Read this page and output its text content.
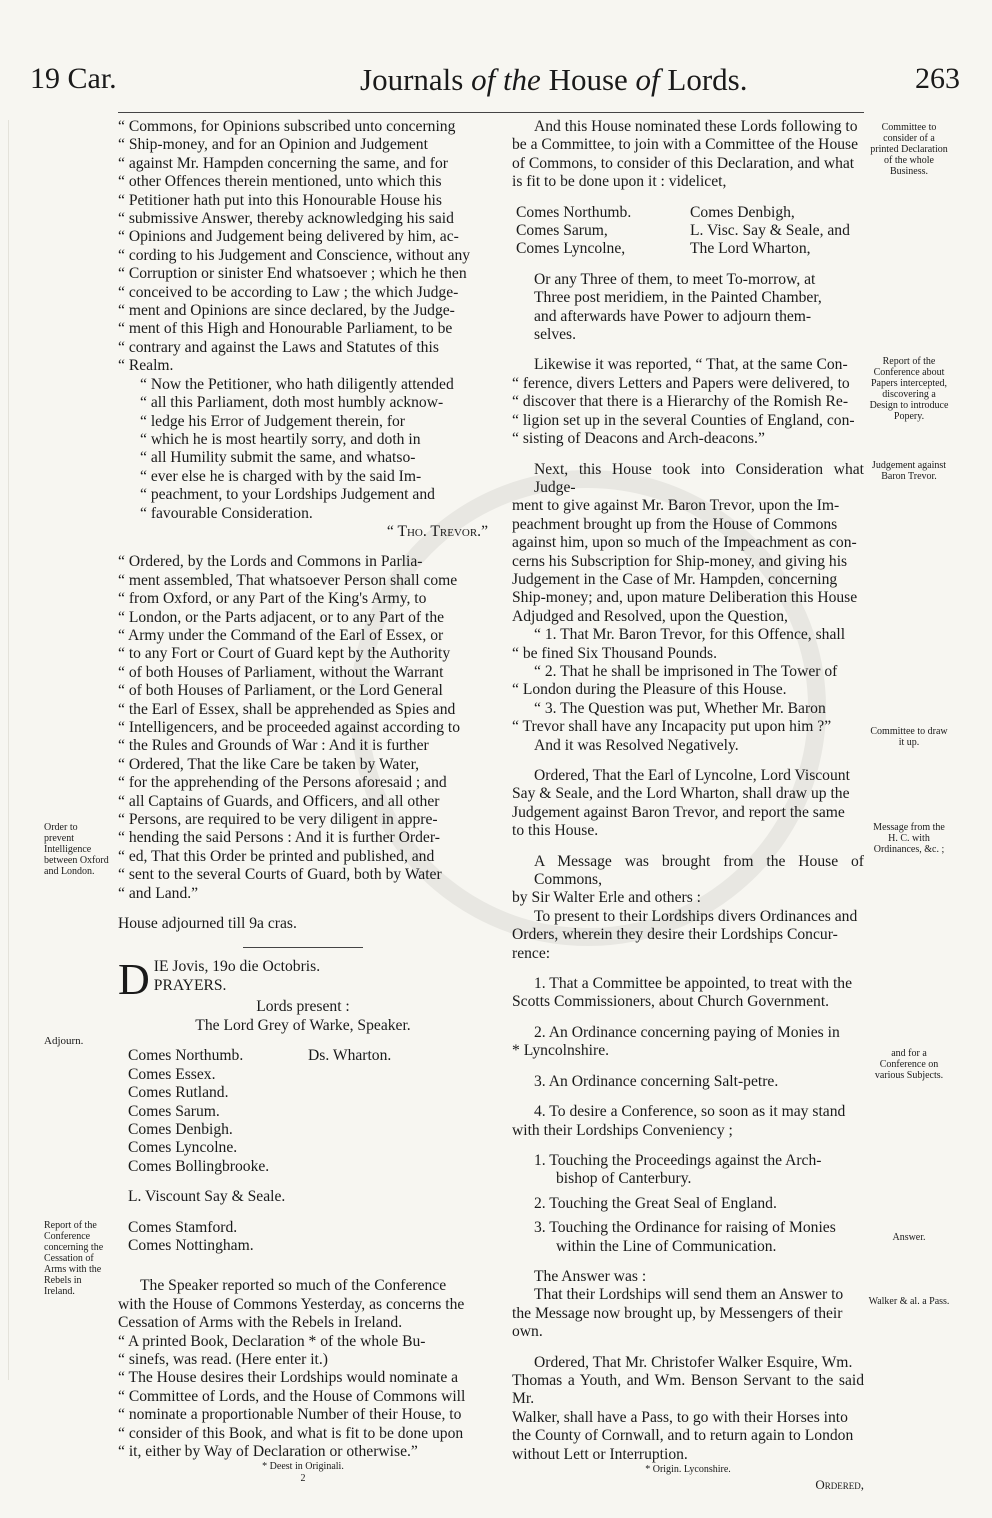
19 Car.	Journals of the House of Lords.	263

“ Commons, for Opinions subscribed unto concerning

“ Ship-money, and for an Opinion and Judgement

“ against Mr. Hampden concerning the same, and for

“ other Offences therein mentioned, unto which this

“ Petitioner hath put into this Honourable House his

“ submissive Answer, thereby acknowledging his said

“ Opinions and Judgement being delivered by him, ac-

“ cording to his Judgement and Conscience, without any

“ Corruption or sinister End whatsoever ; which he then

“ conceived to be according to Law ; the which Judge-

“ ment and Opinions are since declared, by the Judge-

“ ment of this High and Honourable Parliament, to be

“ contrary and against the Laws and Statutes of this

“ Realm.

“ Now the Petitioner, who hath diligently attended

“ all this Parliament, doth most humbly acknow-

“ ledge his Error of Judgement therein, for

“ which he is most heartily sorry, and doth in

“ all Humility submit the same, and whatso-

“ ever else he is charged with by the said Im-

“ peachment, to your Lordships Judgement and

“ favourable Consideration.

“ Tho. Trevor.”

“ Ordered, by the Lords and Commons in Parlia-

“ ment assembled, That whatsoever Person shall come

“ from Oxford, or any Part of the King's Army, to

“ London, or the Parts adjacent, or to any Part of the

“ Army under the Command of the Earl of Essex, or

“ to any Fort or Court of Guard kept by the Authority

“ of both Houses of Parliament, without the Warrant

“ of both Houses of Parliament, or the Lord General

“ the Earl of Essex, shall be apprehended as Spies and

“ Intelligencers, and be proceeded against according to

“ the Rules and Grounds of War : And it is further

“ Ordered, That the like Care be taken by Water,

“ for the apprehending of the Persons aforesaid ; and

“ all Captains of Guards, and Officers, and all other

“ Persons, are required to be very diligent in appre-

“ hending the said Persons : And it is further Order-

“ ed, That this Order be printed and published, and

“ sent to the several Courts of Guard, both by Water

“ and Land.”

House adjourned till 9a cras.

D IE Jovis, 19o die Octobris.

PRAYERS.

Lords present :

The Lord Grey of Warke, Speaker.

Comes Northumb.

Comes Essex.

Comes Rutland.

Comes Sarum.

Comes Denbigh.

Comes Lyncolne.

Comes Bollingbrooke.

Ds. Wharton.

L. Viscount Say & Seale.

Comes Stamford.

Comes Nottingham.

The Speaker reported so much of the Conference

with the House of Commons Yesterday, as concerns the

Cessation of Arms with the Rebels in Ireland.

“ A printed Book, Declaration * of the whole Bu-

“ sinefs, was read. (Here enter it.)

“ The House desires their Lordships would nominate a

“ Committee of Lords, and the House of Commons will

“ nominate a proportionable Number of their House, to

“ consider of this Book, and what is fit to be done upon

“ it, either by Way of Declaration or otherwise.”

* Deest in Originali.

2

Order to prevent Intelligence between Oxford and London.
Adjourn.
Report of the Conference concerning the Cessation of Arms with the Rebels in Ireland.

And this House nominated these Lords following to

be a Committee, to join with a Committee of the House

of Commons, to consider of this Declaration, and what

is fit to be done upon it : videlicet,

Comes Northumb.

Comes Sarum,

Comes Lyncolne,

Comes Denbigh,

L. Visc. Say & Seale, and

The Lord Wharton,

Or any Three of them, to meet To-morrow, at

Three post meridiem, in the Painted Chamber,

and afterwards have Power to adjourn them-

selves.

Likewise it was reported, “ That, at the same Con-

“ ference, divers Letters and Papers were delivered, to

“ discover that there is a Hierarchy of the Romish Re-

“ ligion set up in the several Counties of England, con-

“ sisting of Deacons and Arch-deacons.”

Next, this House took into Consideration what Judge-

ment to give against Mr. Baron Trevor, upon the Im-

peachment brought up from the House of Commons

against him, upon so much of the Impeachment as con-

cerns his Subscription for Ship-money, and giving his

Judgement in the Case of Mr. Hampden, concerning

Ship-money; and, upon mature Deliberation this House

Adjudged and Resolved, upon the Question,

“ 1. That Mr. Baron Trevor, for this Offence, shall

“ be fined Six Thousand Pounds.

“ 2. That he shall be imprisoned in The Tower of

“ London during the Pleasure of this House.

“ 3. The Question was put, Whether Mr. Baron

“ Trevor shall have any Incapacity put upon him ?”

And it was Resolved Negatively.

Ordered, That the Earl of Lyncolne, Lord Viscount

Say & Seale, and the Lord Wharton, shall draw up the

Judgement against Baron Trevor, and report the same

to this House.

A Message was brought from the House of Commons,

by Sir Walter Erle and others :

To present to their Lordships divers Ordinances and

Orders, wherein they desire their Lordships Concur-

rence:

1. That a Committee be appointed, to treat with the

Scotts Commissioners, about Church Government.

2. An Ordinance concerning paying of Monies in

* Lyncolnshire.

3. An Ordinance concerning Salt-petre.

4. To desire a Conference, so soon as it may stand

with their Lordships Conveniency ;

1. Touching the Proceedings against the Arch-

bishop of Canterbury.

2. Touching the Great Seal of England.

3. Touching the Ordinance for raising of Monies

within the Line of Communication.

The Answer was :

That their Lordships will send them an Answer to

the Message now brought up, by Messengers of their

own.

Ordered, That Mr. Christofer Walker Esquire, Wm.

Thomas a Youth, and Wm. Benson Servant to the said Mr.

Walker, shall have a Pass, to go with their Horses into

the County of Cornwall, and to return again to London

without Lett or Interruption.

* Origin. Lyconshire.

Ordered,

Committee to consider of a printed Declaration of the whole Business.
Report of the Conference about Papers intercepted, discovering a Design to introduce Popery.
Judgement against Baron Trevor.
Committee to draw it up.
Message from the H. C. with Ordinances, &c. ;
and for a Conference on various Subjects.
Answer.
Walker & al. a Pass.
